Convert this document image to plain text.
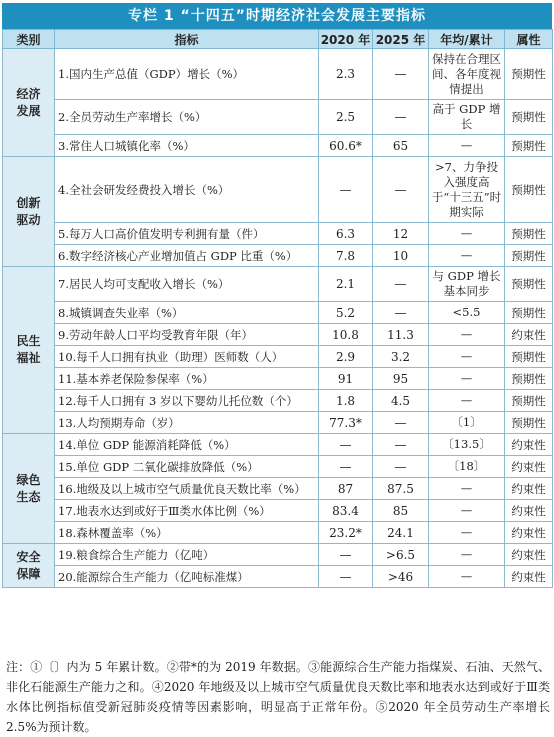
专栏 1 “十四五”时期经济社会发展主要指标
类别	指标	2020 年	2025 年	年均/累计	属性

经济
发展	1.国内生产总值（GDP）增长（%）	2.3	—	保持在合理区间、各年度视情提出	预期性
	2.全员劳动生产率增长（%）	2.5	—	高于 GDP 增长	预期性
	3.常住人口城镇化率（%）	60.6*	65	—	预期性

创新
驱动	4.全社会研发经费投入增长（%）	—	—	>7、力争投入强度高于“十三五”时期实际	预期性
	5.每万人口高价值发明专利拥有量（件）	6.3	12	—	预期性
	6.数字经济核心产业增加值占 GDP 比重（%）	7.8	10	—	预期性

民生
福祉	7.居民人均可支配收入增长（%）	2.1	—	与 GDP 增长基本同步	预期性
	8.城镇调查失业率（%）	5.2	—	<5.5	预期性
	9.劳动年龄人口平均受教育年限（年）	10.8	11.3	—	约束性
	10.每千人口拥有执业（助理）医师数（人）	2.9	3.2	—	预期性
	11.基本养老保险参保率（%）	91	95	—	预期性
	12.每千人口拥有 3 岁以下婴幼儿托位数（个）	1.8	4.5	—	预期性
	13.人均预期寿命（岁）	77.3*	—	〔1〕	预期性

绿色
生态	14.单位 GDP 能源消耗降低（%）	—	—	〔13.5〕	约束性
	15.单位 GDP 二氧化碳排放降低（%）	—	—	〔18〕	约束性
	16.地级及以上城市空气质量优良天数比率（%）	87	87.5	—	约束性
	17.地表水达到或好于Ⅲ类水体比例（%）	83.4	85	—	约束性
	18.森林覆盖率（%）	23.2*	24.1	—	约束性

安全
保障	19.粮食综合生产能力（亿吨）	—	>6.5	—	约束性
	20.能源综合生产能力（亿吨标准煤）	—	>46	—	约束性
注：①〔〕内为 5 年累计数。②带*的为 2019 年数据。③能源综合生产能力指煤炭、石油、天然气、非化石能源生产能力之和。④2020 年地级及以上城市空气质量优良天数比率和地表水达到或好于Ⅲ类水体比例指标值受新冠肺炎疫情等因素影响，明显高于正常年份。⑤2020 年全员劳动生产率增长 2.5%为预计数。
